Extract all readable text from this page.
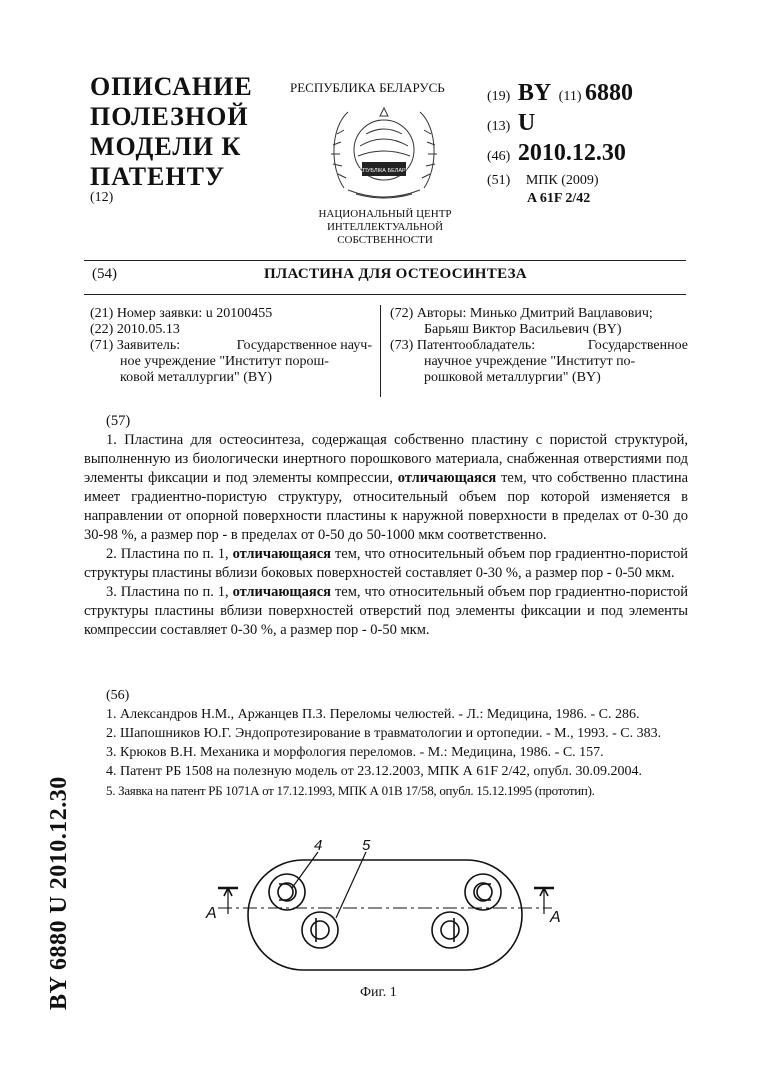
ОПИСАНИЕ
ПОЛЕЗНОЙ
МОДЕЛИ К
ПАТЕНТУ
(12)
РЕСПУБЛИКА БЕЛАРУСЬ
РЭСПУБЛІКА БЕЛАРУСЬ
НАЦИОНАЛЬНЫЙ ЦЕНТР
ИНТЕЛЛЕКТУАЛЬНОЙ
СОБСТВЕННОСТИ
(19) BY (11) 6880
(13) U
(46) 2010.12.30
(51) МПК (2009)
A 61F 2/42
(54)	ПЛАСТИНА ДЛЯ ОСТЕОСИНТЕЗА
(21) Номер заявки: u 20100455
(22) 2010.05.13
(71) Заявитель:	Государственное науч-
ное учреждение "Институт порош-
ковой металлургии" (BY)
(72) Авторы: Минько Дмитрий Вацлавович;
Барьяш Виктор Васильевич (BY)
(73) Патентообладатель:	Государственное
научное учреждение "Институт по-
рошковой металлургии" (BY)

(57)

1. Пластина для остеосинтеза, содержащая собственно пластину с пористой структурой, выполненную из биологически инертного порошкового материала, снабженная отверстиями под элементы фиксации и под элементы компрессии, отличающаяся тем, что собственно пластина имеет градиентно-пористую структуру, относительный объем пор которой изменяется в направлении от опорной поверхности пластины к наружной поверхности в пределах от 0-30 до 30-98 %, а размер пор - в пределах от 0-50 до 50-1000 мкм соответственно.

2. Пластина по п. 1, отличающаяся тем, что относительный объем пор градиентно-пористой структуры пластины вблизи боковых поверхностей составляет 0-30 %, а размер пор - 0-50 мкм.

3. Пластина по п. 1, отличающаяся тем, что относительный объем пор градиентно-пористой структуры пластины вблизи поверхностей отверстий под элементы фиксации и под элементы компрессии составляет 0-30 %, а размер пор - 0-50 мкм.

(56)

1. Александров Н.М., Аржанцев П.З. Переломы челюстей. - Л.: Медицина, 1986. - С. 286.

2. Шапошников Ю.Г. Эндопротезирование в травматологии и ортопедии. - М., 1993. - С. 383.

3. Крюков В.Н. Механика и морфология переломов. - М.: Медицина, 1986. - С. 157.

4. Патент РБ 1508 на полезную модель от 23.12.2003, МПК А 61F 2/42, опубл. 30.09.2004.

5. Заявка на патент РБ 1071А от 17.12.1993, МПК А 01В 17/58, опубл. 15.12.1995 (прототип).

4	5
A	A
Фиг. 1
BY 6880 U 2010.12.30
